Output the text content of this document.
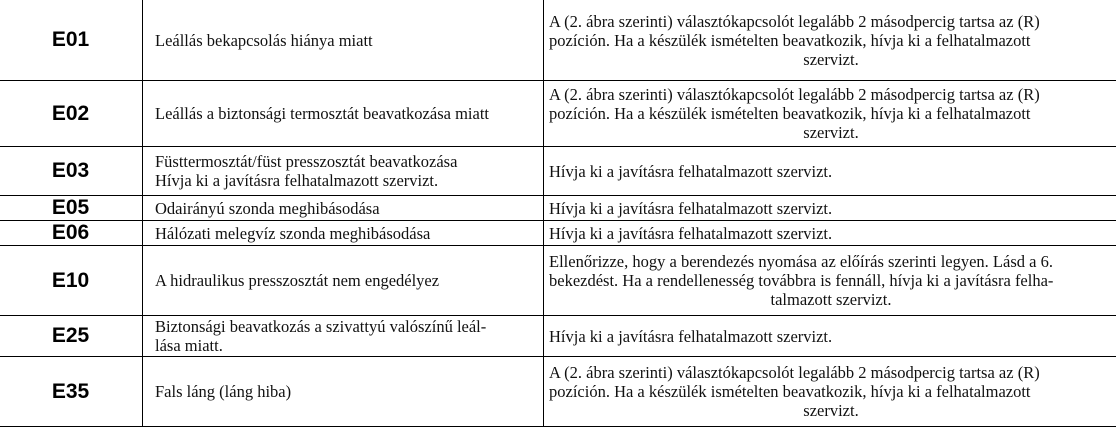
E01	Leállás bekapcsolás hiánya miatt	A (2. ábra szerinti) választókapcsolót legalább 2 másodpercig tartsa az (R)
pozíción. Ha a készülék ismételten beavatkozik, hívja ki a felhatalmazott

szervizt.

E02	Leállás a biztonsági termosztát beavatkozása miatt	A (2. ábra szerinti) választókapcsolót legalább 2 másodpercig tartsa az (R)
pozíción. Ha a készülék ismételten beavatkozik, hívja ki a felhatalmazott

szervizt.

E03	Füsttermosztát/füst presszosztát beavatkozása
Hívja ki a javításra felhatalmazott szervizt.	Hívja ki a javításra felhatalmazott szervizt.
E05	Odairányú szonda meghibásodása	Hívja ki a javításra felhatalmazott szervizt.
E06	Hálózati melegvíz szonda meghibásodása	Hívja ki a javításra felhatalmazott szervizt.
E10	A hidraulikus presszosztát nem engedélyez	Ellenőrizze, hogy a berendezés nyomása az előírás szerinti legyen. Lásd a 6.
bekezdést. Ha a rendellenesség továbbra is fennáll, hívja ki a javításra felha-

talmazott szervizt.

E25	Biztonsági beavatkozás a szivattyú valószínű leál-
lása miatt.	Hívja ki a javításra felhatalmazott szervizt.
E35	Fals láng (láng hiba)	A (2. ábra szerinti) választókapcsolót legalább 2 másodpercig tartsa az (R)
pozíción. Ha a készülék ismételten beavatkozik, hívja ki a felhatalmazott

szervizt.
